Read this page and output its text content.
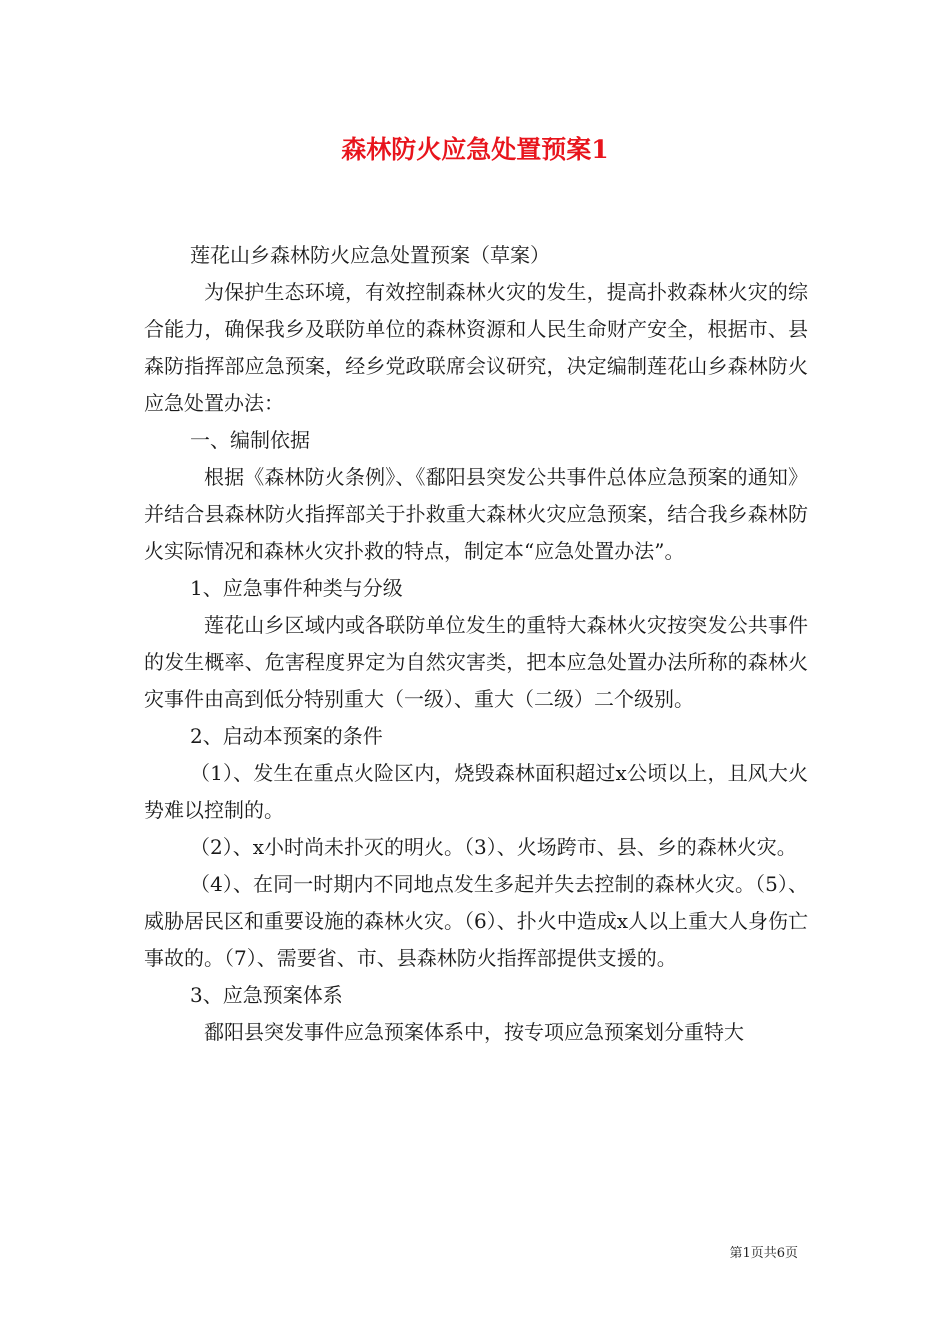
森林防火应急处置预案1

莲花山乡森林防火应急处置预案（草案）

为保护生态环境，有效控制森林火灾的发生，提高扑救森林火灾的综合能力，确保我乡及联防单位的森林资源和人民生命财产安全，根据市、县森防指挥部应急预案，经乡党政联席会议研究，决定编制莲花山乡森林防火应急处置办法：

一、编制依据

根据《森林防火条例》、《鄱阳县突发公共事件总体应急预案的通知》并结合县森林防火指挥部关于扑救重大森林火灾应急预案，结合我乡森林防火实际情况和森林火灾扑救的特点，制定本“应急处置办法”。

1、应急事件种类与分级

莲花山乡区域内或各联防单位发生的重特大森林火灾按突发公共事件的发生概率、危害程度界定为自然灾害类，把本应急处置办法所称的森林火灾事件由高到低分特别重大（一级）、重大（二级）二个级别。

2、启动本预案的条件

（1）、发生在重点火险区内，烧毁森林面积超过x公顷以上，且风大火势难以控制的。

（2）、x小时尚未扑灭的明火。（3）、火场跨市、县、乡的森林火灾。

（4）、在同一时期内不同地点发生多起并失去控制的森林火灾。（5）、威胁居民区和重要设施的森林火灾。（6）、扑火中造成x人以上重大人身伤亡事故的。（7）、需要省、市、县森林防火指挥部提供支援的。

3、应急预案体系

鄱阳县突发事件应急预案体系中，按专项应急预案划分重特大

第1页共6页
